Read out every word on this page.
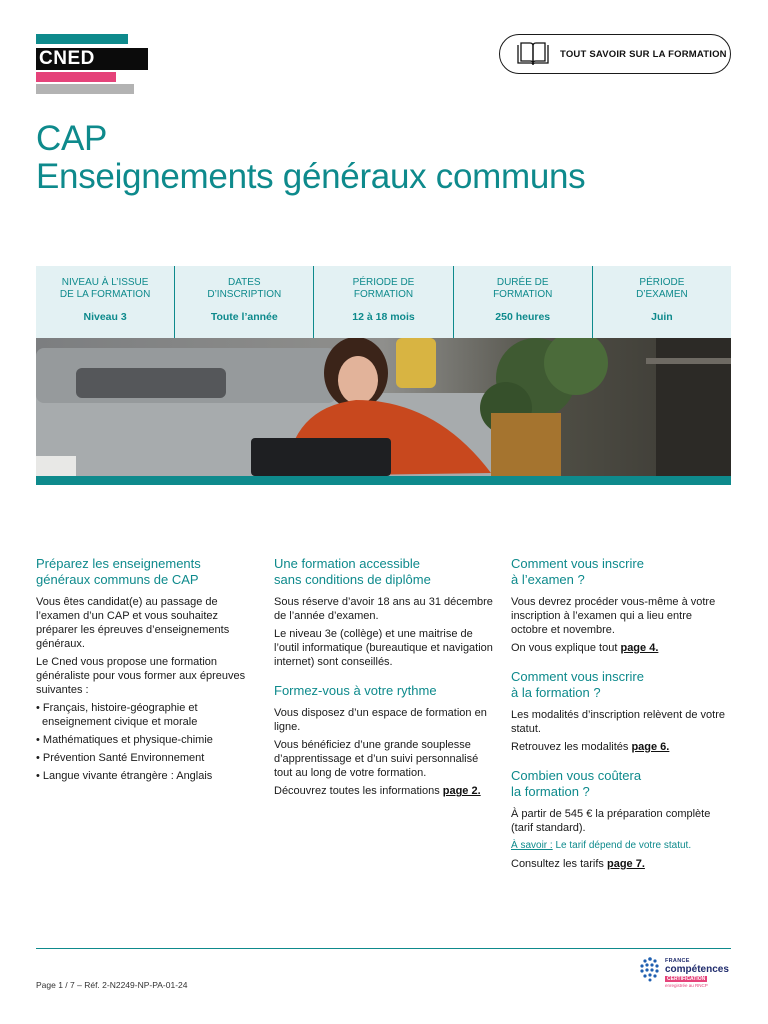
CNED	TOUT SAVOIR SUR LA FORMATION
CAP
Enseignements généraux communs
NIVEAU À L’ISSUE
DE LA FORMATION
Niveau 3
DATES
D’INSCRIPTION
Toute l’année
PÉRIODE DE
FORMATION
12 à 18 mois
DURÉE DE
FORMATION
250 heures
PÉRIODE
D’EXAMEN
Juin
Préparez les enseignements
généraux communs de CAP

Vous êtes candidat(e) au passage de l’examen d’un CAP et vous souhaitez préparer les épreuves d’enseignements généraux.

Le Cned vous propose une formation généraliste pour vous former aux épreuves suivantes :

• Français, histoire-géographie et enseignement civique et morale
• Mathématiques et physique-chimie
• Prévention Santé Environnement
• Langue vivante étrangère : Anglais
Une formation accessible
sans conditions de diplôme

Sous réserve d’avoir 18 ans au 31 décembre de l’année d’examen.

Le niveau 3e (collège) et une maitrise de l’outil informatique (bureautique et navigation internet) sont conseillés.

Formez-vous à votre rythme

Vous disposez d’un espace de formation en ligne.

Vous bénéficiez d’une grande souplesse d’apprentissage et d’un suivi personnalisé tout au long de votre formation.

Découvrez toutes les informations page 2.

Comment vous inscrire
à l’examen ?

Vous devrez procéder vous-même à votre inscription à l’examen qui a lieu entre octobre et novembre.

On vous explique tout page 4.

Comment vous inscrire
à la formation ?

Les modalités d’inscription relèvent de votre statut.

Retrouvez les modalités page 6.

Combien vous coûtera
la formation ?

À partir de 545 € la préparation complète (tarif standard).

À savoir : Le tarif dépend de votre statut.

Consultez les tarifs page 7.

Page 1 / 7 – Réf. 2-N2249-NP-PA-01-24
FRANCE
compétences
CERTIFICATION
enregistrée au RNCP
